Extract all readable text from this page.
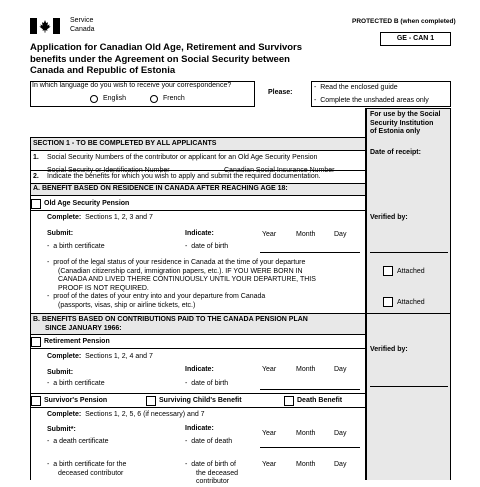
Service
Canada
PROTECTED B (when completed)
GE - CAN 1
Application for Canadian Old Age, Retirement and Survivors
benefits under the Agreement on Social Security between
Canada and Republic of Estonia
In which language do you wish to receive your correspondence?
English	French
Please:
-  Read the enclosed guide
-  Complete the unshaded areas only
For use by the Social
Security Institution
of Estonia only
Date of receipt:
Verified by:
Attached
Attached
Verified by:
SECTION 1 - TO BE COMPLETED BY ALL APPLICANTS
1. Social Security Numbers of the contributor or applicant for an Old Age Security Pension
2. Indicate the benefits for which you wish to apply and submit the required documentation.
A. BENEFIT BASED ON RESIDENCE IN CANADA AFTER REACHING AGE 18:
Old Age Security Pension
Complete: Sections 1, 2, 3 and 7
Submit:	Indicate:	Year	Month	Day
-  a birth certificate	-  date of birth
-  proof of the legal status of your residence in Canada at the time of your departure
(Canadian citizenship card, immigration papers, etc.). IF YOU WERE BORN IN
CANADA AND LIVED THERE CONTINUOUSLY UNTIL YOUR DEPARTURE, THIS
PROOF IS NOT REQUIRED.
-  proof of the dates of your entry into and your departure from Canada
(passports, visas, ship or airline tickets, etc.)
B. BENEFITS BASED ON CONTRIBUTIONS PAID TO THE CANADA PENSION PLAN
SINCE JANUARY 1966:
Retirement Pension
Complete: Sections 1, 2, 4 and 7
Submit:	Indicate:	Year	Month	Day
-  a birth certificate	-  date of birth
Survivor's Pension	Surviving Child's Benefit	Death Benefit
Complete: Sections 1, 2, 5, 6 (if necessary) and 7
Submit*:	Indicate:
Year	Month	Day
-  a death certificate	-  date of death
-  a birth certificate for the
deceased contributor
-  date of birth of
the deceased
contributor
Year	Month	Day
